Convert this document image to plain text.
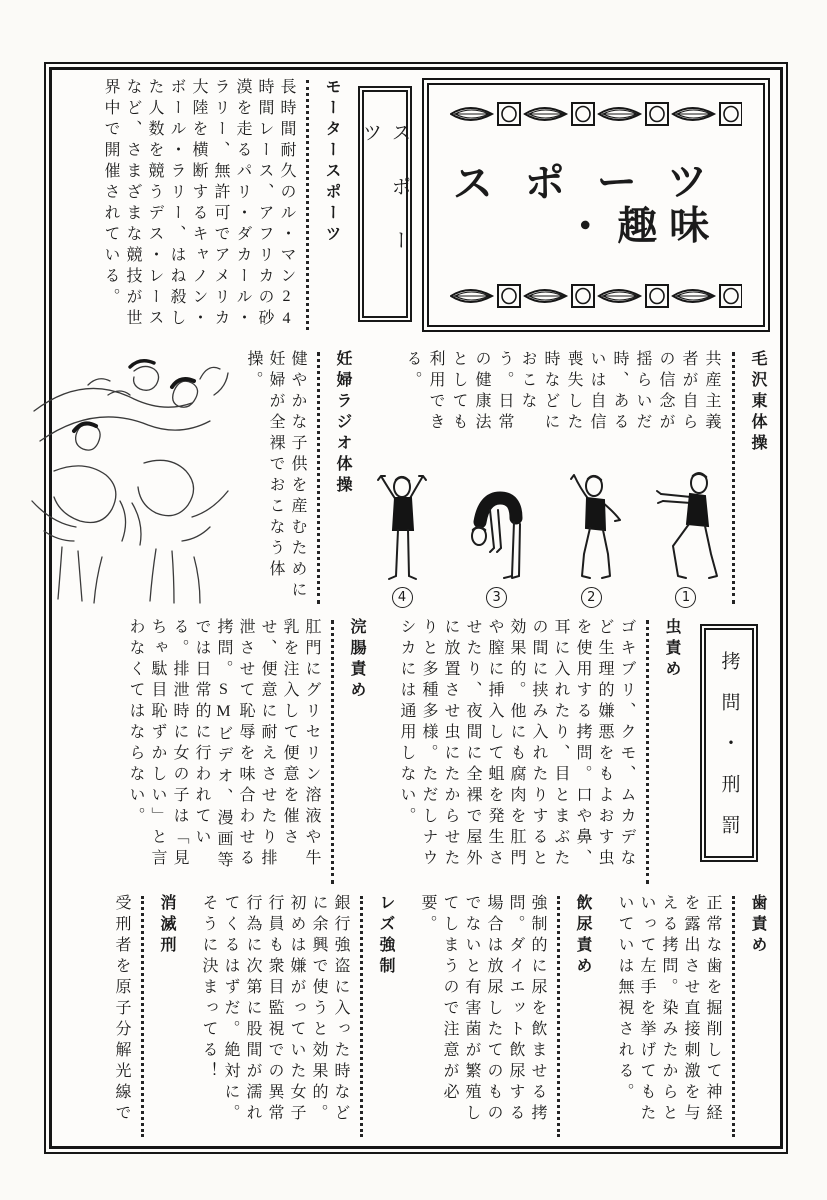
スポーツ
・趣味
スポーツ
モータースポーツ

長時間耐久のル・マン24時間レース、アフリカの砂漠を走るパリ・ダカール・ラリー、無許可でアメリカ大陸を横断するキャノン・ボール・ラリー、はね殺した人数を競うデス・レースなど、さまざまな競技が世界中で開催されている。

毛沢東体操

共産主義者が自らの信念が揺らいだ時、あるいは自信喪失した時などにおこなう。日常の健康法としても利用できる。

1
2
3
4
妊婦ラジオ体操

健やかな子供を産むために妊婦が全裸でおこなう体操。

拷問・刑罰
虫責め

ゴキブリ、クモ、ムカデなど生理的嫌悪をもよおす虫を使用する拷問。口や鼻、耳に入れたり、目とまぶたの間に挟み入れたりすると効果的。他にも腐肉を肛門や膣に挿入して蛆を発生させたり、夜間に全裸で屋外に放置させ虫にたからせたりと多種多様。ただしナウシカには通用しない。

浣腸責め

肛門にグリセリン溶液や牛乳を注入して便意を催させ、便意に耐えさせたり排泄させて恥辱を味合わせる拷問。SMビデオ、漫画等では日常的に行われている。排泄時に女の子は「見ちゃ駄目恥ずかしい」と言わなくてはならない。

歯責め

正常な歯を掘削して神経を露出させ直接刺激を与える拷問。染みたからといって左手を挙げてもたいていは無視される。

飲尿責め

強制的に尿を飲ませる拷問。ダイエット飲尿する場合は放尿したてのものでないと有害菌が繁殖してしまうので注意が必要。

レズ強制

銀行強盗に入った時などに余興で使うと効果的。初めは嫌がっていた女子行員も衆目監視での異常行為に次第に股間が濡れてくるはずだ。絶対に。そうに決まってる！

消滅刑

受刑者を原子分解光線で
